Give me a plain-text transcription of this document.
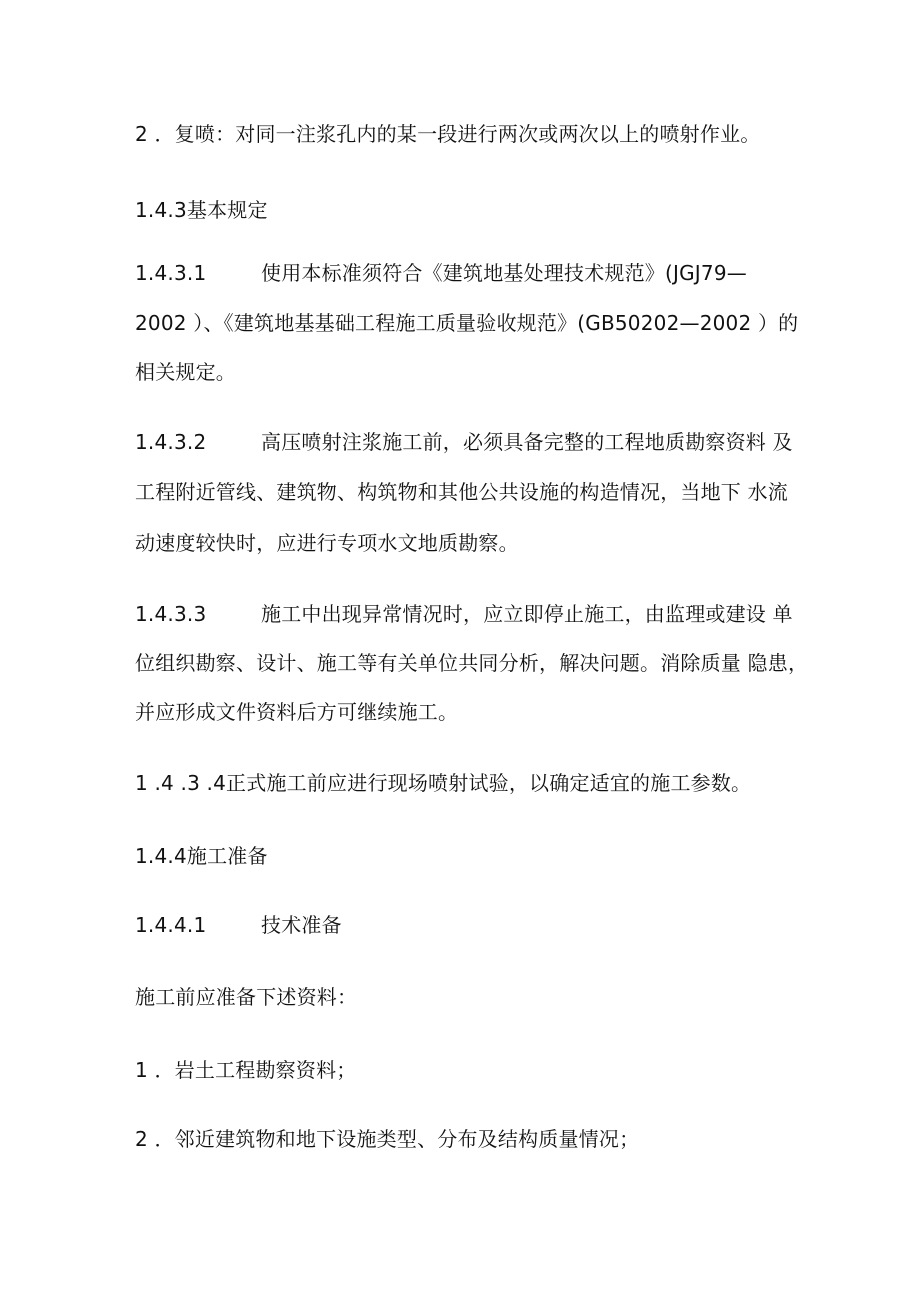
2 ．复喷：对同一注浆孔内的某一段进行两次或两次以上的喷射作业。
1.4.3基本规定
1.4.3.1	使用本标准须符合《建筑地基处理技术规范》(JGJ79—
2002 ）、《建筑地基基础工程施工质量验收规范》(GB50202—2002 ）的
相关规定。
1.4.3.2	高压喷射注浆施工前，必须具备完整的工程地质勘察资料 及
工程附近管线、建筑物、构筑物和其他公共设施的构造情况，当地下 水流
动速度较快时，应进行专项水文地质勘察。
1.4.3.3	施工中出现异常情况时，应立即停止施工，由监理或建设 单
位组织勘察、设计、施工等有关单位共同分析，解决问题。消除质量 隐患，
并应形成文件资料后方可继续施工。
1 .4 .3 .4正式施工前应进行现场喷射试验，以确定适宜的施工参数。
1.4.4施工准备
1.4.4.1	技术准备
施工前应准备下述资料：
1 ．岩土工程勘察资料；
2 ．邻近建筑物和地下设施类型、分布及结构质量情况；
